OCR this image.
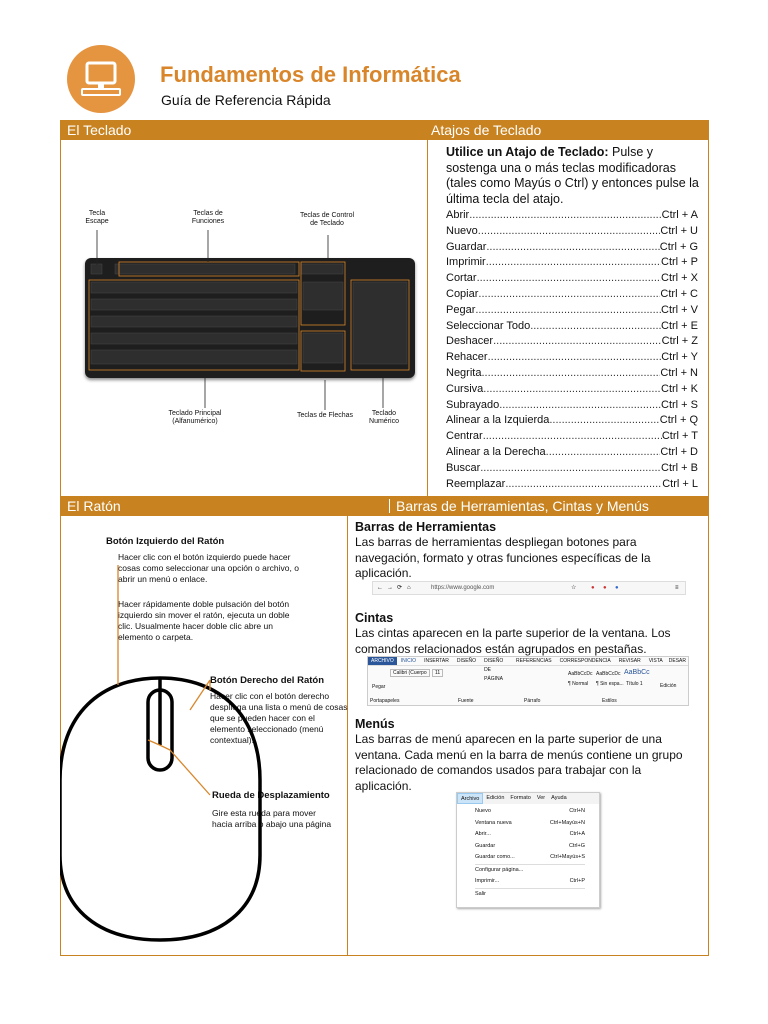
Fundamentos de Informática
Guía de Referencia Rápida
El Teclado	Atajos de Teclado
Tecla Escape
Teclas de Funciones
Teclas de Control de Teclado
Teclado Principal (Alfanumérico)
Teclas de Flechas	Teclado Numérico
Utilice un Atajo de Teclado: Pulse y sostenga una o más teclas modificadoras (tales como Mayús o Ctrl) y entonces pulse la última tecla del atajo.
Abrir .....	Ctrl + A
Nuevo .....	Ctrl + U
Guardar .....	Ctrl + G
Imprimir .....	Ctrl + P
Cortar .....	Ctrl + X
Copiar .....	Ctrl + C
Pegar .....	Ctrl + V
Seleccionar Todo .....	Ctrl + E
Deshacer .....	Ctrl + Z
Rehacer .....	Ctrl + Y
Negrita .....	Ctrl + N
Cursiva .....	Ctrl + K
Subrayado .....	Ctrl + S
Alinear a la Izquierda .....	Ctrl + Q
Centrar .....	Ctrl + T
Alinear a la Derecha .....	Ctrl + D
Buscar .....	Ctrl + B
Reemplazar .....	Ctrl + L
El Ratón	Barras de Herramientas, Cintas y Menús
Botón Izquierdo del Ratón
Hacer clic con el botón izquierdo puede hacer cosas como seleccionar una opción o archivo, o abrir un menú o enlace.
Hacer rápidamente doble pulsación del botón izquierdo sin mover el ratón, ejecuta un doble clic. Usualmente hacer doble clic abre un elemento o carpeta.
Botón Derecho del Ratón
Hacer clic con el botón derecho despliega una lista o menú de cosas que se pueden hacer con el elemento seleccionado (menú contextual).
Rueda de Desplazamiento
Gire esta rueda para mover hacia arriba o abajo una página
Barras de Herramientas
Las barras de herramientas despliegan botones para navegación, formato y otras funciones específicas de la aplicación.
← → ⟳ ⌂	https://www.google.com	☆ ● ● ●	≡
Cintas
Las cintas aparecen en la parte superior de la ventana. Los comandos relacionados están agrupados en pestañas.
ARCHIVO	INICIO	INSERTAR	DISEÑO	DISEÑO DE PÁGINA
REFERENCIAS	CORRESPONDENCIA	REVISAR	VISTA	DESAR
Pegar
Calibri (Cuerpo	11	AaBbCcDc AaBbCcDc AaBbCc
¶ Normal ¶ Sin espa... Título 1	Edición
Portapapeles	Fuente	Párrafo	Estilos
Menús
Las barras de menú aparecen en la parte superior de una ventana. Cada menú en la barra de menús contiene un grupo relacionado de comandos usados para trabajar con la aplicación.
Archivo	Edición	Formato	Ver	Ayuda
Nuevo	Ctrl+N
Ventana nueva	Ctrl+Mayús+N
Abrir...	Ctrl+A
Guardar	Ctrl+G
Guardar como...	Ctrl+Mayús+S
Configurar página...
Imprimir...	Ctrl+P
Salir
